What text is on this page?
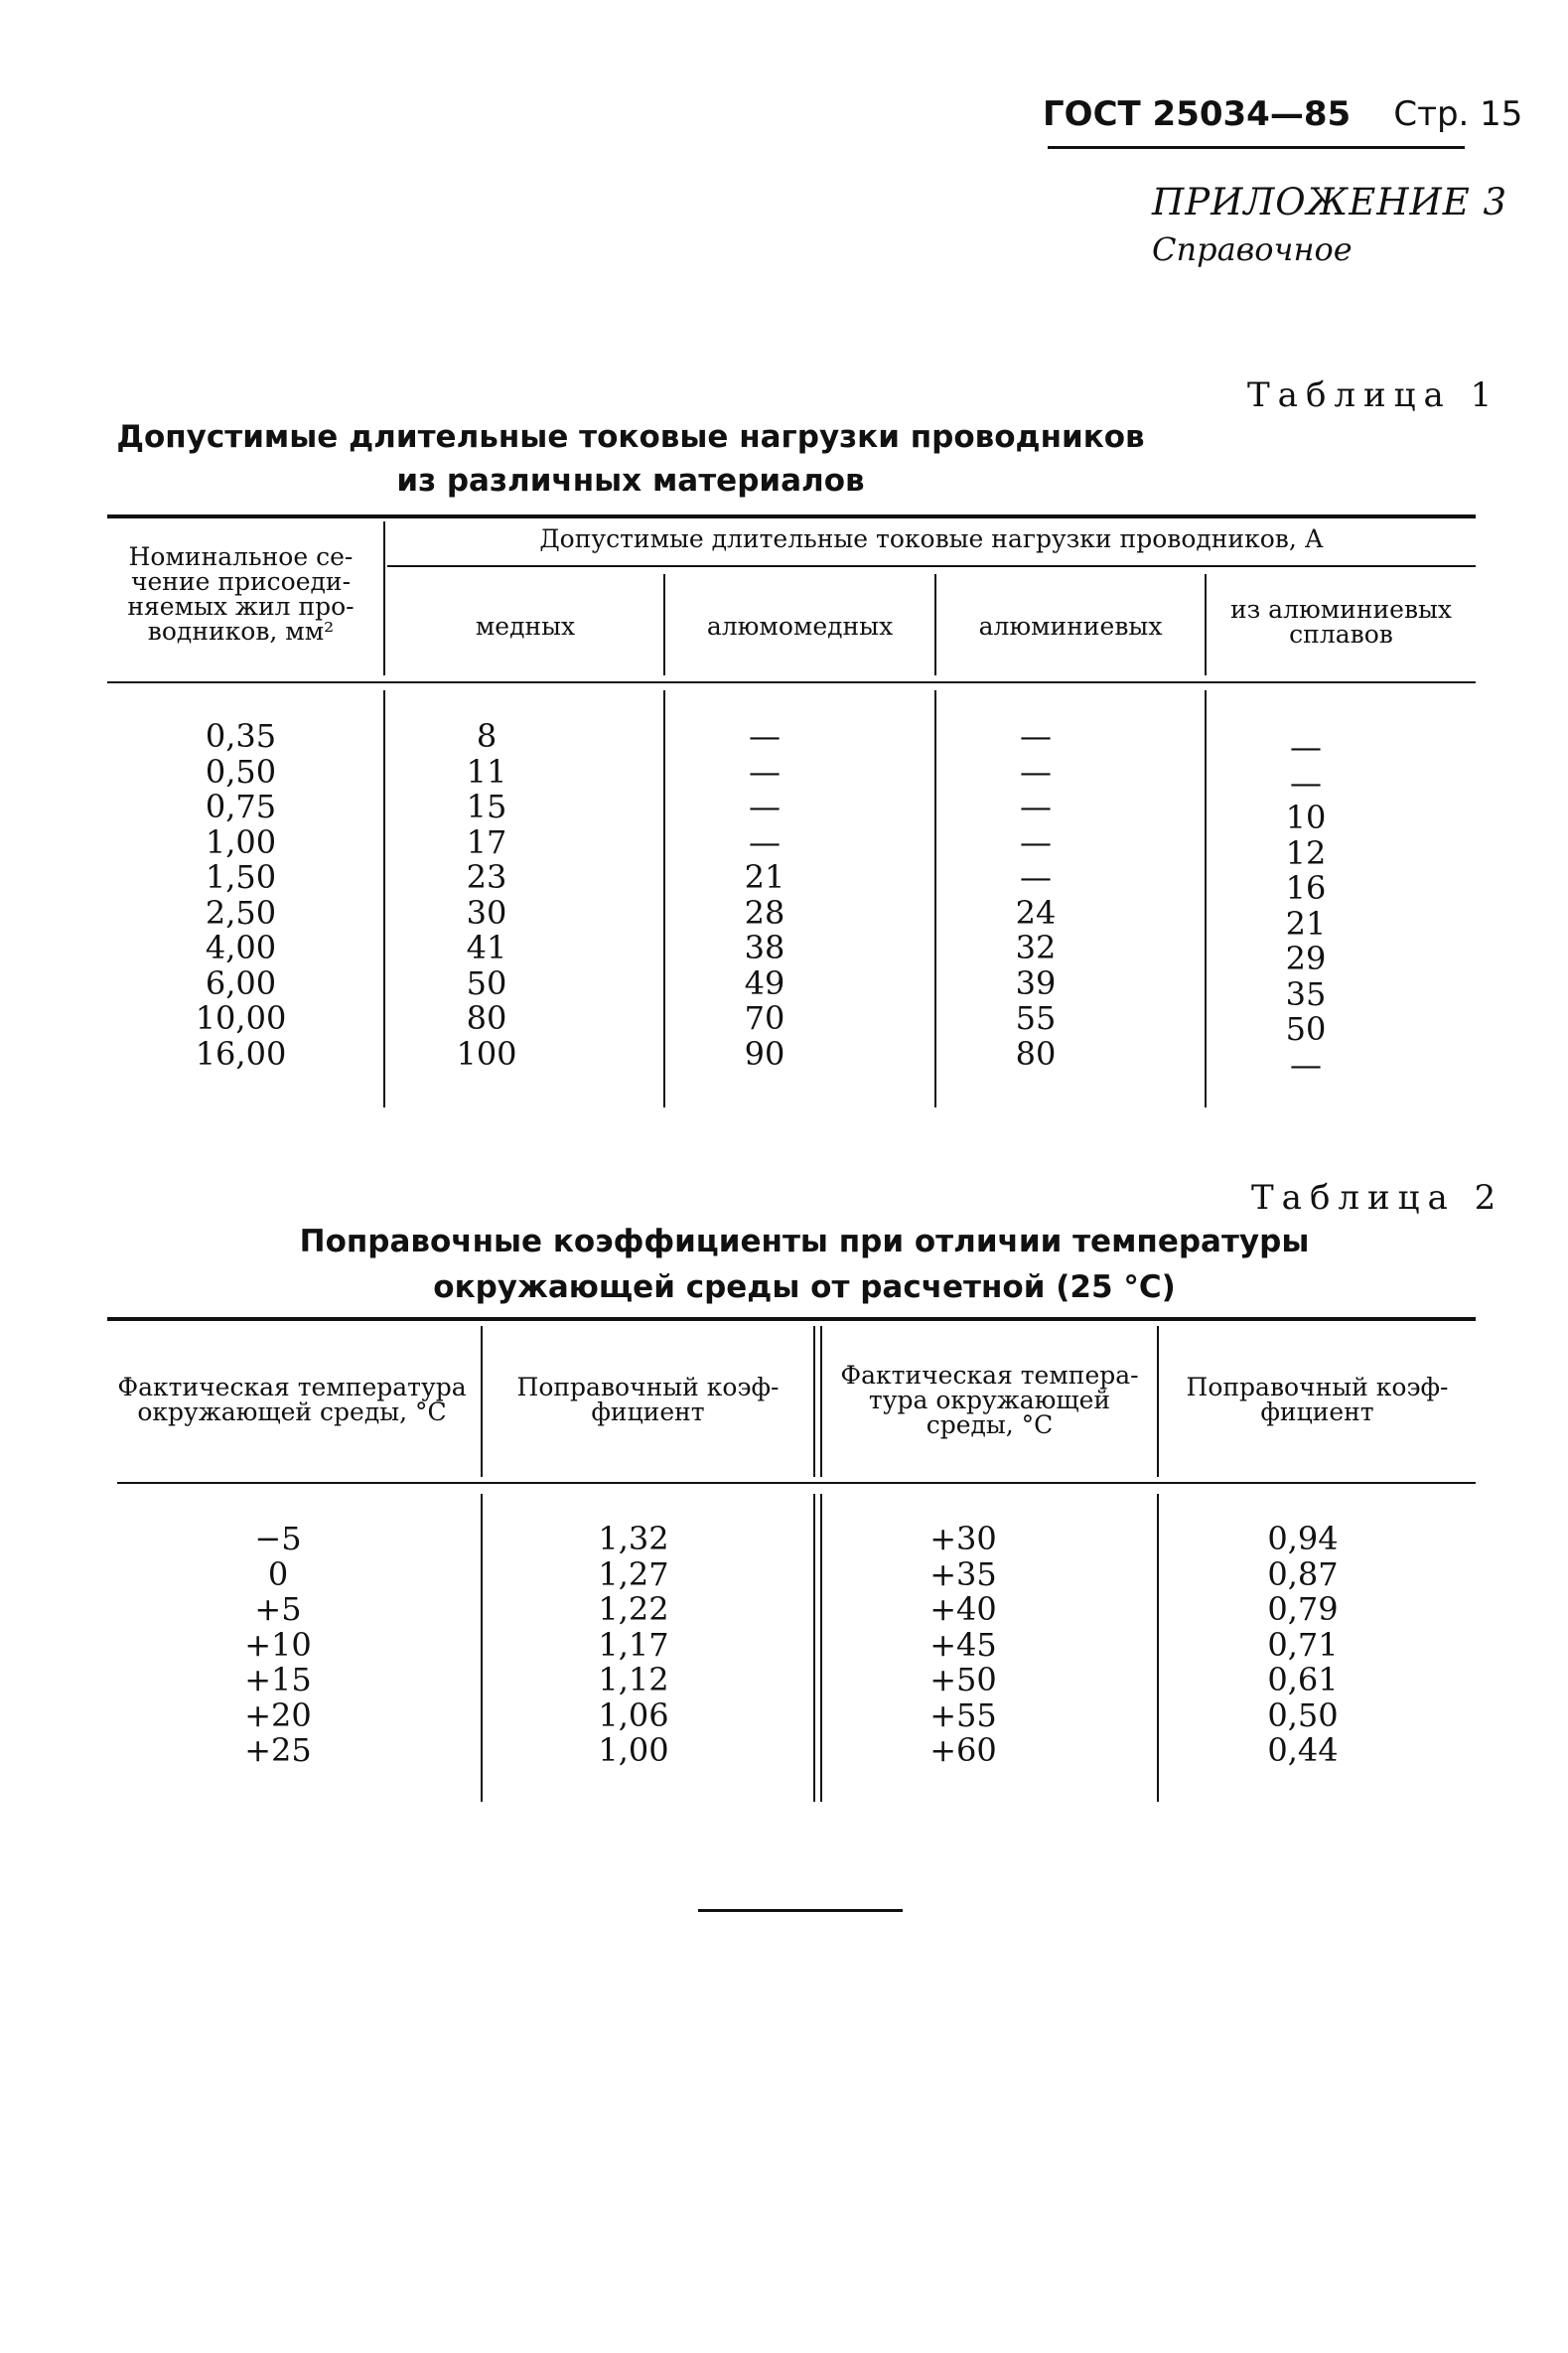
ГОСТ 25034—85 Стр. 15
ПРИЛОЖЕНИЕ 3
Справочное
Таблица 1
Допустимые длительные токовые нагрузки проводников
из различных материалов
Номинальное се-
чение присоеди-
няемых жил про-
водников, мм²
Допустимые длительные токовые нагрузки проводников, А
медных	алюмомедных	алюминиевых
из алюминиевых
сплавов
0,35
0,50
0,75
1,00
1,50
2,50
4,00
6,00
10,00
16,00
8
11
15
17
23
30
41
50
80
100
—
—
—
—
21
28
38
49
70
90
—
—
—
—
—
24
32
39
55
80
—
—
10
12
16
21
29
35
50
—
Таблица 2
Поправочные коэффициенты при отличии температуры
окружающей среды от расчетной (25 °С)
Фактическая температура
окружающей среды, °С
Поправочный коэф-
фициент
Фактическая темпера-
тура окружающей
среды, °С
Поправочный коэф-
фициент
−5
0
+5
+10
+15
+20
+25
1,32
1,27
1,22
1,17
1,12
1,06
1,00
+30
+35
+40
+45
+50
+55
+60
0,94
0,87
0,79
0,71
0,61
0,50
0,44
